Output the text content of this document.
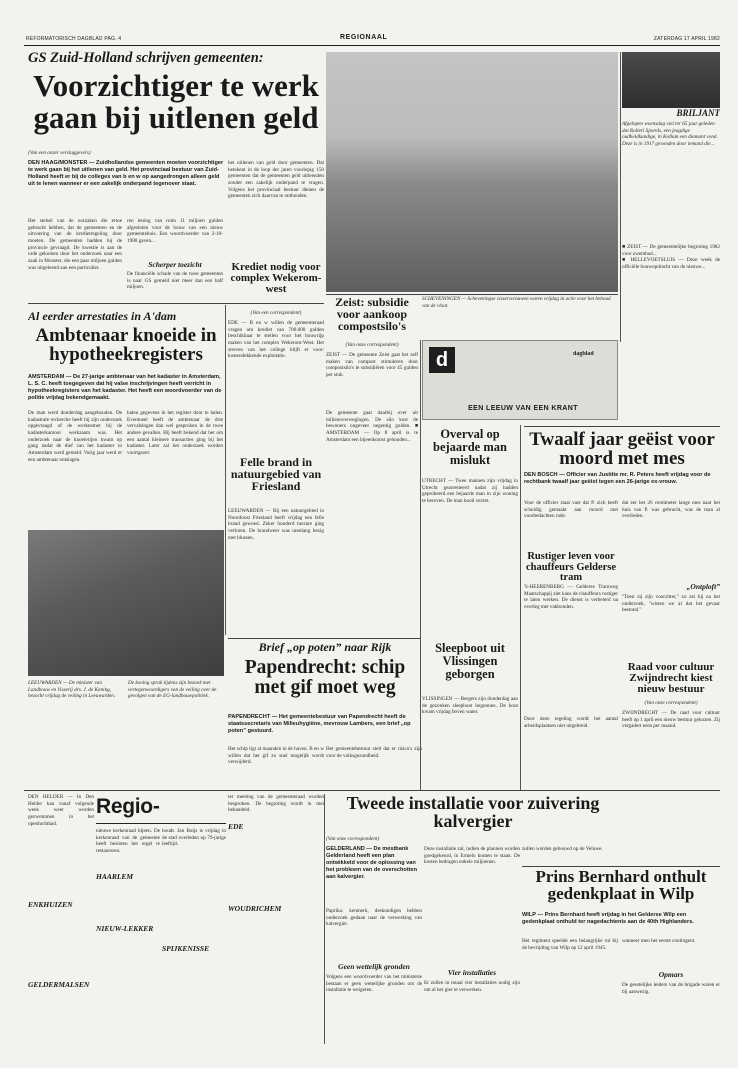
REFORMATORISCH DAGBLAD PAG. 4	REGIONAAL	ZATERDAG 17 APRIL 1982
GS Zuid-Holland schrijven gemeenten:
Voorzichtiger te werk gaan bij uitlenen geld
(Van een onzer verslaggevers)
DEN HAAG/MONSTER — Zuidhollandse gemeenten moeten voorzichtiger te werk gaan bij het uitlenen van geld. Het provinciaal bestuur van Zuid-Holland heeft er bij de colleges van b en w op aangedrongen alleen geld uit te lenen wanneer er een zakelijk onderpand tegenover staat.
Het stelsel van de oorzaken die ertoe gebracht hebben, dat de gemeenten en de uitvoering van de kredietregeling door moeten. De gemeenten hadden bij de provincie gevraagd. De kwestie is aan de orde gekomen door het onderzoek naar een zaak in Monster, die een paar miljoen gulden was uitgeleend aan een particulier.
ren lening van ruim 11 miljoen gulden afgesloten voor de bouw van een nieuw gemeentehuis. Een woordvoerder van 2-10-1980 gaven...
Scherper toezicht
De financiële schade van de twee gemeenten is naar GS gemeld niet meer dan een half miljoen.
het uitlenen van geld door gemeenten. Dat betekent in de loop der jaren voorlopig 150 gemeenten dat de gemeenten geld uitleenden zonder een zakelijk onderpand te vragen. Volgens het provinciaal bestuur dienen de gemeenten zich daarvan te onthouden.
Krediet nodig voor complex Wekerom-west
(Van een correspondent)
EDE — B en w willen de gemeenteraad vragen om krediet van 700.000 gulden beschikbaar te stellen voor het bouwrijp maken van het complex Wekerom-West. Het streven van het college blijft er voor: kostendekkende exploitatie.
Al eerder arrestaties in A'dam
Ambtenaar knoeide in hypotheekregisters
AMSTERDAM — De 27-jarige ambtenaar van het kadaster in Amsterdam, L. S. C. heeft toegegeven dat hij valse inschrijvingen heeft verricht in hypotheekregisters van het kadaster. Het heeft een woordvoerder van de politie vrijdag bekendgemaakt.
De man werd donderdag aangehouden. De kadastrale recherche heeft bij zijn onderzoek opgevraagd of de werknemer bij de kadasterkantoor werkzaam was. Het onderzoek naar de knoeierijen kwam op gang nadat de dief van het kadaster in Amsterdam werd gemeld. Vorig jaar werd er een ambtenaar ontslagen.
halen gegevens in het register door te halen. Eventueel heeft de ambtenaar de drie vervalsingen dan wel gesproken in de twee andere gevallen. Hij heeft bekend dat het om een aantal kleinere transacties ging bij het kadaster. Later zal het onderzoek worden voortgezet.
LEEUWARDEN — De minister van Landbouw en Visserij drs. J. de Koning, bezocht vrijdag de veiling in Leeuwarden.
De koning sprak tijdens zijn bezoek met vertegenwoordigers van de veiling over de gevolgen van de EG-landbouwpolitiek.
SCHEVENINGEN — Scheveningse vissersvrouwen waren vrijdag in actie voor het behoud van de vloot.
Zeist: subsidie voor aankoop compostsilo's
(Van onze correspondent)
ZEIST — De gemeente Zeist gaat het zelf maken van compost stimuleren door compostsilo's te subsidiëren voor 45 gulden per stuk.
BRILJANT
Afgelopen woensdag viel ter 65 jaar geleden dat Rolleri Sjoerds, een jeugdige oudheidkundige, in Kollum een diamant vond. Deze is in 1917 gevonden door iemand die...
■ ZEIST — De gemeentelijke begroting 1982 voor zwembad...
■ HELLEVOETSLUIS — Deze week de officiële bouwopdracht van de nieuwe...
d	dagblad
EEN LEEUW VAN EEN KRANT
Felle brand in natuurgebied van Friesland
LEEUWARDEN — Bij een natuurgebied in Noordoost Friesland heeft vrijdag een felle brand gewoed. Zeker honderd hectare ging verloren. De brandweer was urenlang bezig met blussen.
Overval op bejaarde man mislukt
UTRECHT — Twee mannen zijn vrijdag in Utrecht gearresteerd nadat zij hadden geprobeerd een bejaarde man in zijn woning te beroven. De man bood verzet.
De gemeente gaat daarbij over uit milieuoverwegingen. De silo kost de bewoners ongeveer negentig gulden. ■ AMSTERDAM — Op 8 april is te Amsterdam een bijeenkomst gehouden...	Twaalf jaar geëist voor moord met mes
DEN BOSCH — Officier van Justitie mr. R. Peters heeft vrijdag voor de rechtbank twaalf jaar geëist tegen een 26-jarige ex-vrouw.
Voor de officier staat vast dat P. zich heeft schuldig gemaakt aan moord met voorbedachten rade.
Rustiger leven voor chauffeurs Gelderse tram
'S-HEERENBERG — Gelderse Tramweg Maatschappij ziet kans de chauffeurs rustiger te laten werken. De dienst is verbeterd na overleg met vakbonden.
„Ontploft”
dat eer het 26 centimeter lange mes naar het huis van P. was gebracht, was de man al overleden.
"Toen zij zijn voorzitter," zo zei hij na het onderzoek, "wisten we al dat het gevaar bestond."
Raad voor cultuur Zwijndrecht kiest nieuw bestuur
(Van onze correspondent)
ZWIJNDRECHT — De raad voor cultuur heeft op 1 april een nieuw bestuur gekozen. Zij vergadert eens per maand.
Sleepboot uit Vlissingen geborgen
VLISSINGEN — Bergers zijn donderdag aan de gezonken sleepboot begonnen. De boot kwam vrijdag boven water.
Door deze regeling wordt het aantal arbeidsplaatsen niet uitgebreid.
Brief „op poten” naar Rijk
Papendrecht: schip met gif moet weg
PAPENDRECHT — Het gemeentebestuur van Papendrecht heeft de staatssecretaris van Milieuhygiëne, mevrouw Lambers, een brief „op poten” gestuurd.
Het schip ligt al maanden in de haven. B en w willen dat het gif zo snel mogelijk wordt verwijderd.
Het gemeentebestuur stelt dat er risico's zijn voor de volksgezondheid.
DEN HELDER — In Den Helder kan vanaf volgende week weer worden gezwommen in het openluchtbad.
ENKHUIZEN
GELDERMALSEN
Regio-
nieuwe kerkenraad bijeen. De kerkenraad van de gemeente heeft besloten het orgel te restaureren.
NIEUW-LEKKER
HAARLEM
houdt. Jan Buijs is vrijdag in de stad overleden op 79-jarige leeftijd.
SPIJKENISSE
ter meeting van de gemeenteraad worden besproken. De begroting wordt in mei behandeld.
EDE
WOUDRICHEM
Tweede installatie voor zuivering kalvergier
(Van onze correspondent)
GELDERLAND — De mestbank Gelderland heeft een plan ontwikkeld voor de oplossing van het probleem van de overschotten aan kalvergier.
Paprika: kenmerk, deskundigen hebben onderzoek gedaan naar de verwerking van kalvergier.
Geen wettelijk gronden
Volgens een woordvoerder van het ministerie bestaan er geen wettelijke gronden om de installatie te weigeren.
Deze installatie zal, indien de plannen worden goedgekeurd, in Ermelo komen te staan. De kosten bedragen enkele miljoenen.
Vier installaties
Er zullen in totaal vier installaties nodig zijn om al het gier te verwerken.
zullen worden gebouwd op de Veluwe.
Prins Bernhard onthult gedenkplaat in Wilp
WILP — Prins Bernhard heeft vrijdag in het Gelderse Wilp een gedenkplaat onthuld ter nagedachtenis aan de 40th Highlanders.
Het regiment speelde een belangrijke rol bij de bevrijding van Wilp op 12 april 1945.
Opmars
wanneer men het eerste contingent.
De geestelijke leiders van de brigade waren er bij aanwezig.
